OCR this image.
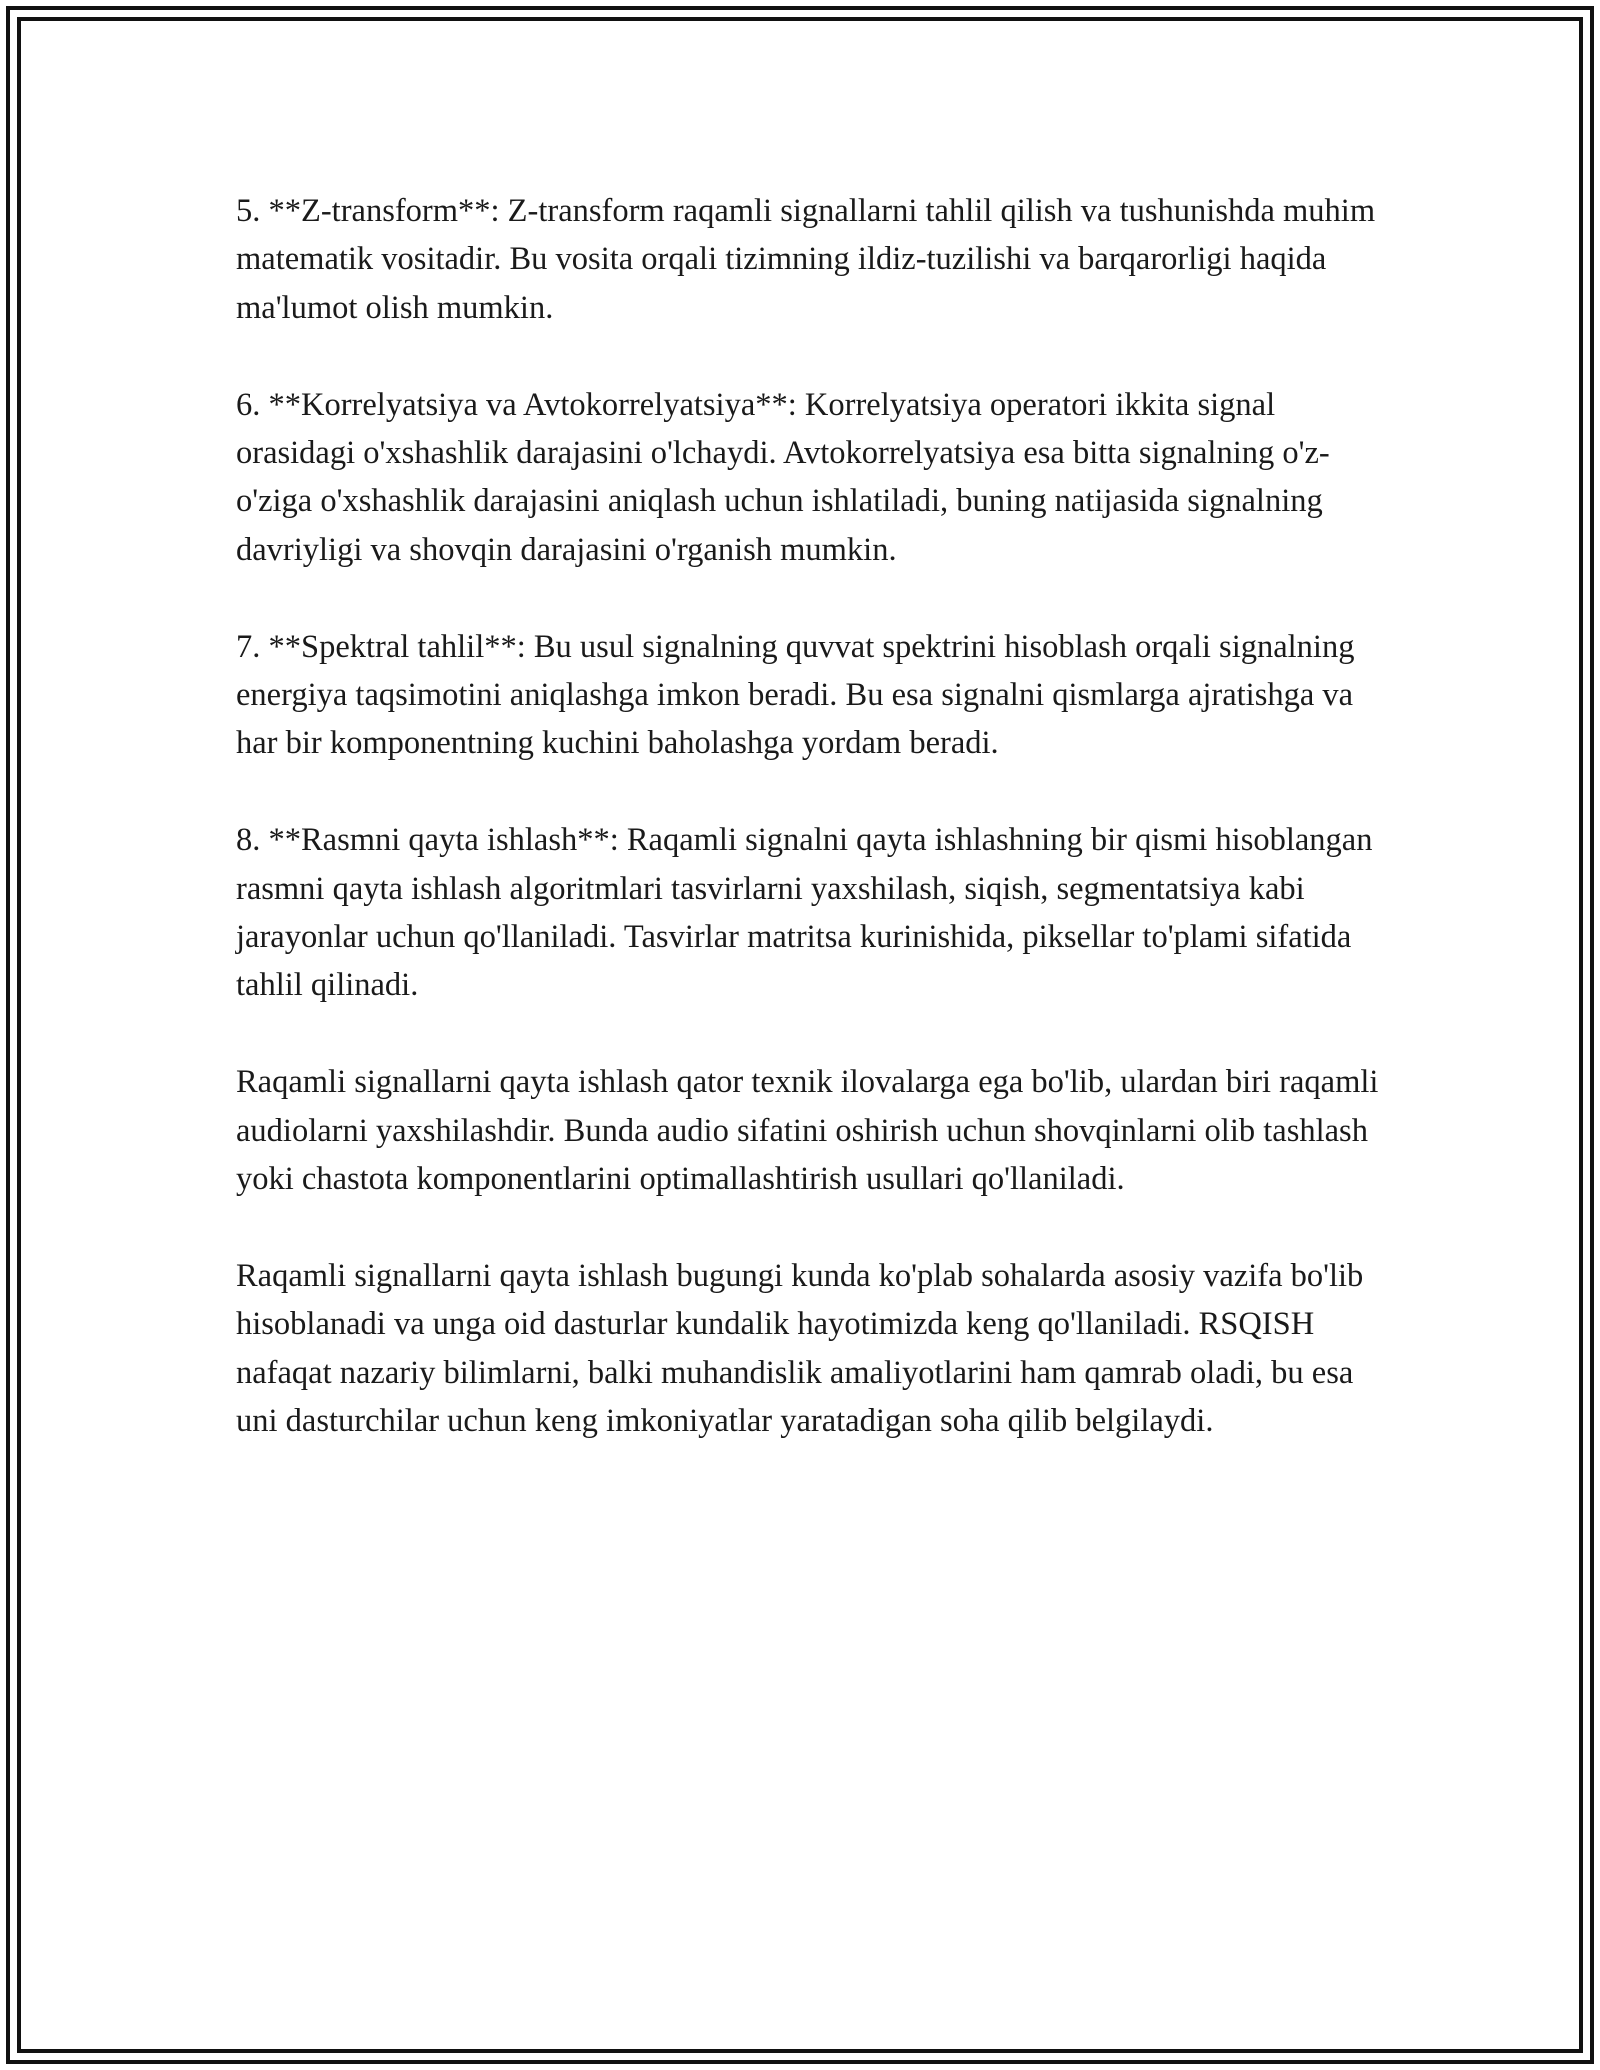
5. **Z-transform**: Z-transform raqamli signallarni tahlil qilish va tushunishda muhim matematik vositadir. Bu vosita orqali tizimning ildiz-tuzilishi va barqarorligi haqida ma'lumot olish mumkin.

6. **Korrelyatsiya va Avtokorrelyatsiya**: Korrelyatsiya operatori ikkita signal orasidagi o'xshashlik darajasini o'lchaydi. Avtokorrelyatsiya esa bitta signalning o'z-o'ziga o'xshashlik darajasini aniqlash uchun ishlatiladi, buning natijasida signalning davriyligi va shovqin darajasini o'rganish mumkin.

7. **Spektral tahlil**: Bu usul signalning quvvat spektrini hisoblash orqali signalning energiya taqsimotini aniqlashga imkon beradi. Bu esa signalni qismlarga ajratishga va har bir komponentning kuchini baholashga yordam beradi.

8. **Rasmni qayta ishlash**: Raqamli signalni qayta ishlashning bir qismi hisoblangan rasmni qayta ishlash algoritmlari tasvirlarni yaxshilash, siqish, segmentatsiya kabi jarayonlar uchun qo'llaniladi. Tasvirlar matritsa kurinishida, piksellar to'plami sifatida tahlil qilinadi.

Raqamli signallarni qayta ishlash qator texnik ilovalarga ega bo'lib, ulardan biri raqamli audiolarni yaxshilashdir. Bunda audio sifatini oshirish uchun shovqinlarni olib tashlash yoki chastota komponentlarini optimallashtirish usullari qo'llaniladi.

Raqamli signallarni qayta ishlash bugungi kunda ko'plab sohalarda asosiy vazifa bo'lib hisoblanadi va unga oid dasturlar kundalik hayotimizda keng qo'llaniladi. RSQISH nafaqat nazariy bilimlarni, balki muhandislik amaliyotlarini ham qamrab oladi, bu esa uni dasturchilar uchun keng imkoniyatlar yaratadigan soha qilib belgilaydi.
